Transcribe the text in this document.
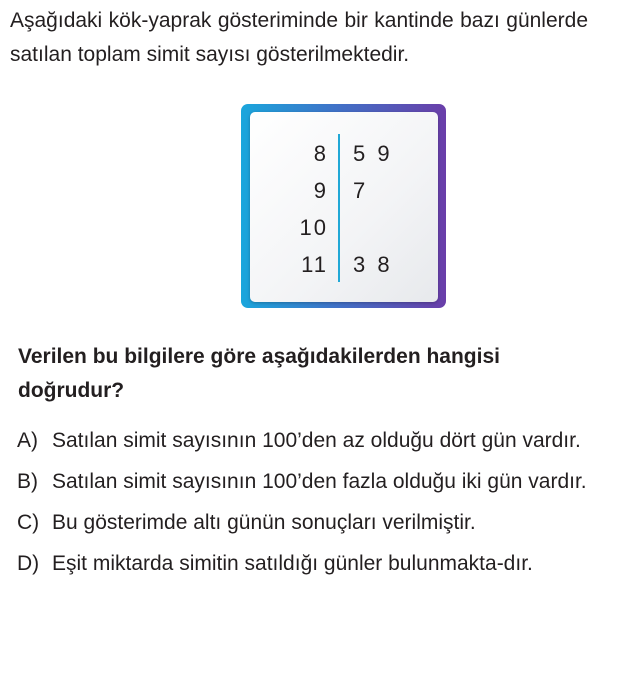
Aşağıdaki kök-yaprak gösteriminde bir kantinde bazı günlerde satılan toplam simit sayısı gösterilmektedir.
8 5 9
9 7
10
11 3 8
Verilen bu bilgilere göre aşağıdakilerden hangisi doğrudur?
A) Satılan simit sayısının 100’den az olduğu dört gün vardır.
B) Satılan simit sayısının 100’den fazla olduğu iki gün vardır.
C) Bu gösterimde altı günün sonuçları verilmiştir.
D) Eşit miktarda simitin satıldığı günler bulunmakta-dır.
